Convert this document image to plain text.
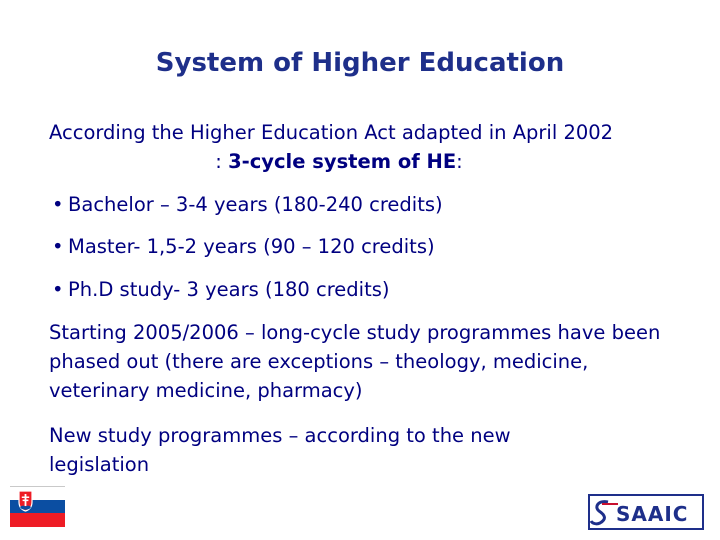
System of Higher Education
According the Higher Education Act adapted in April 2002
: 3-cycle system of HE:
• Bachelor – 3-4 years (180-240 credits)
• Master- 1,5-2 years (90 – 120 credits)
• Ph.D study- 3 years (180 credits)
Starting 2005/2006 – long-cycle study programmes have been phased out (there are exceptions – theology, medicine, veterinary medicine, pharmacy)
New study programmes – according to the new legislation
SAAIC
